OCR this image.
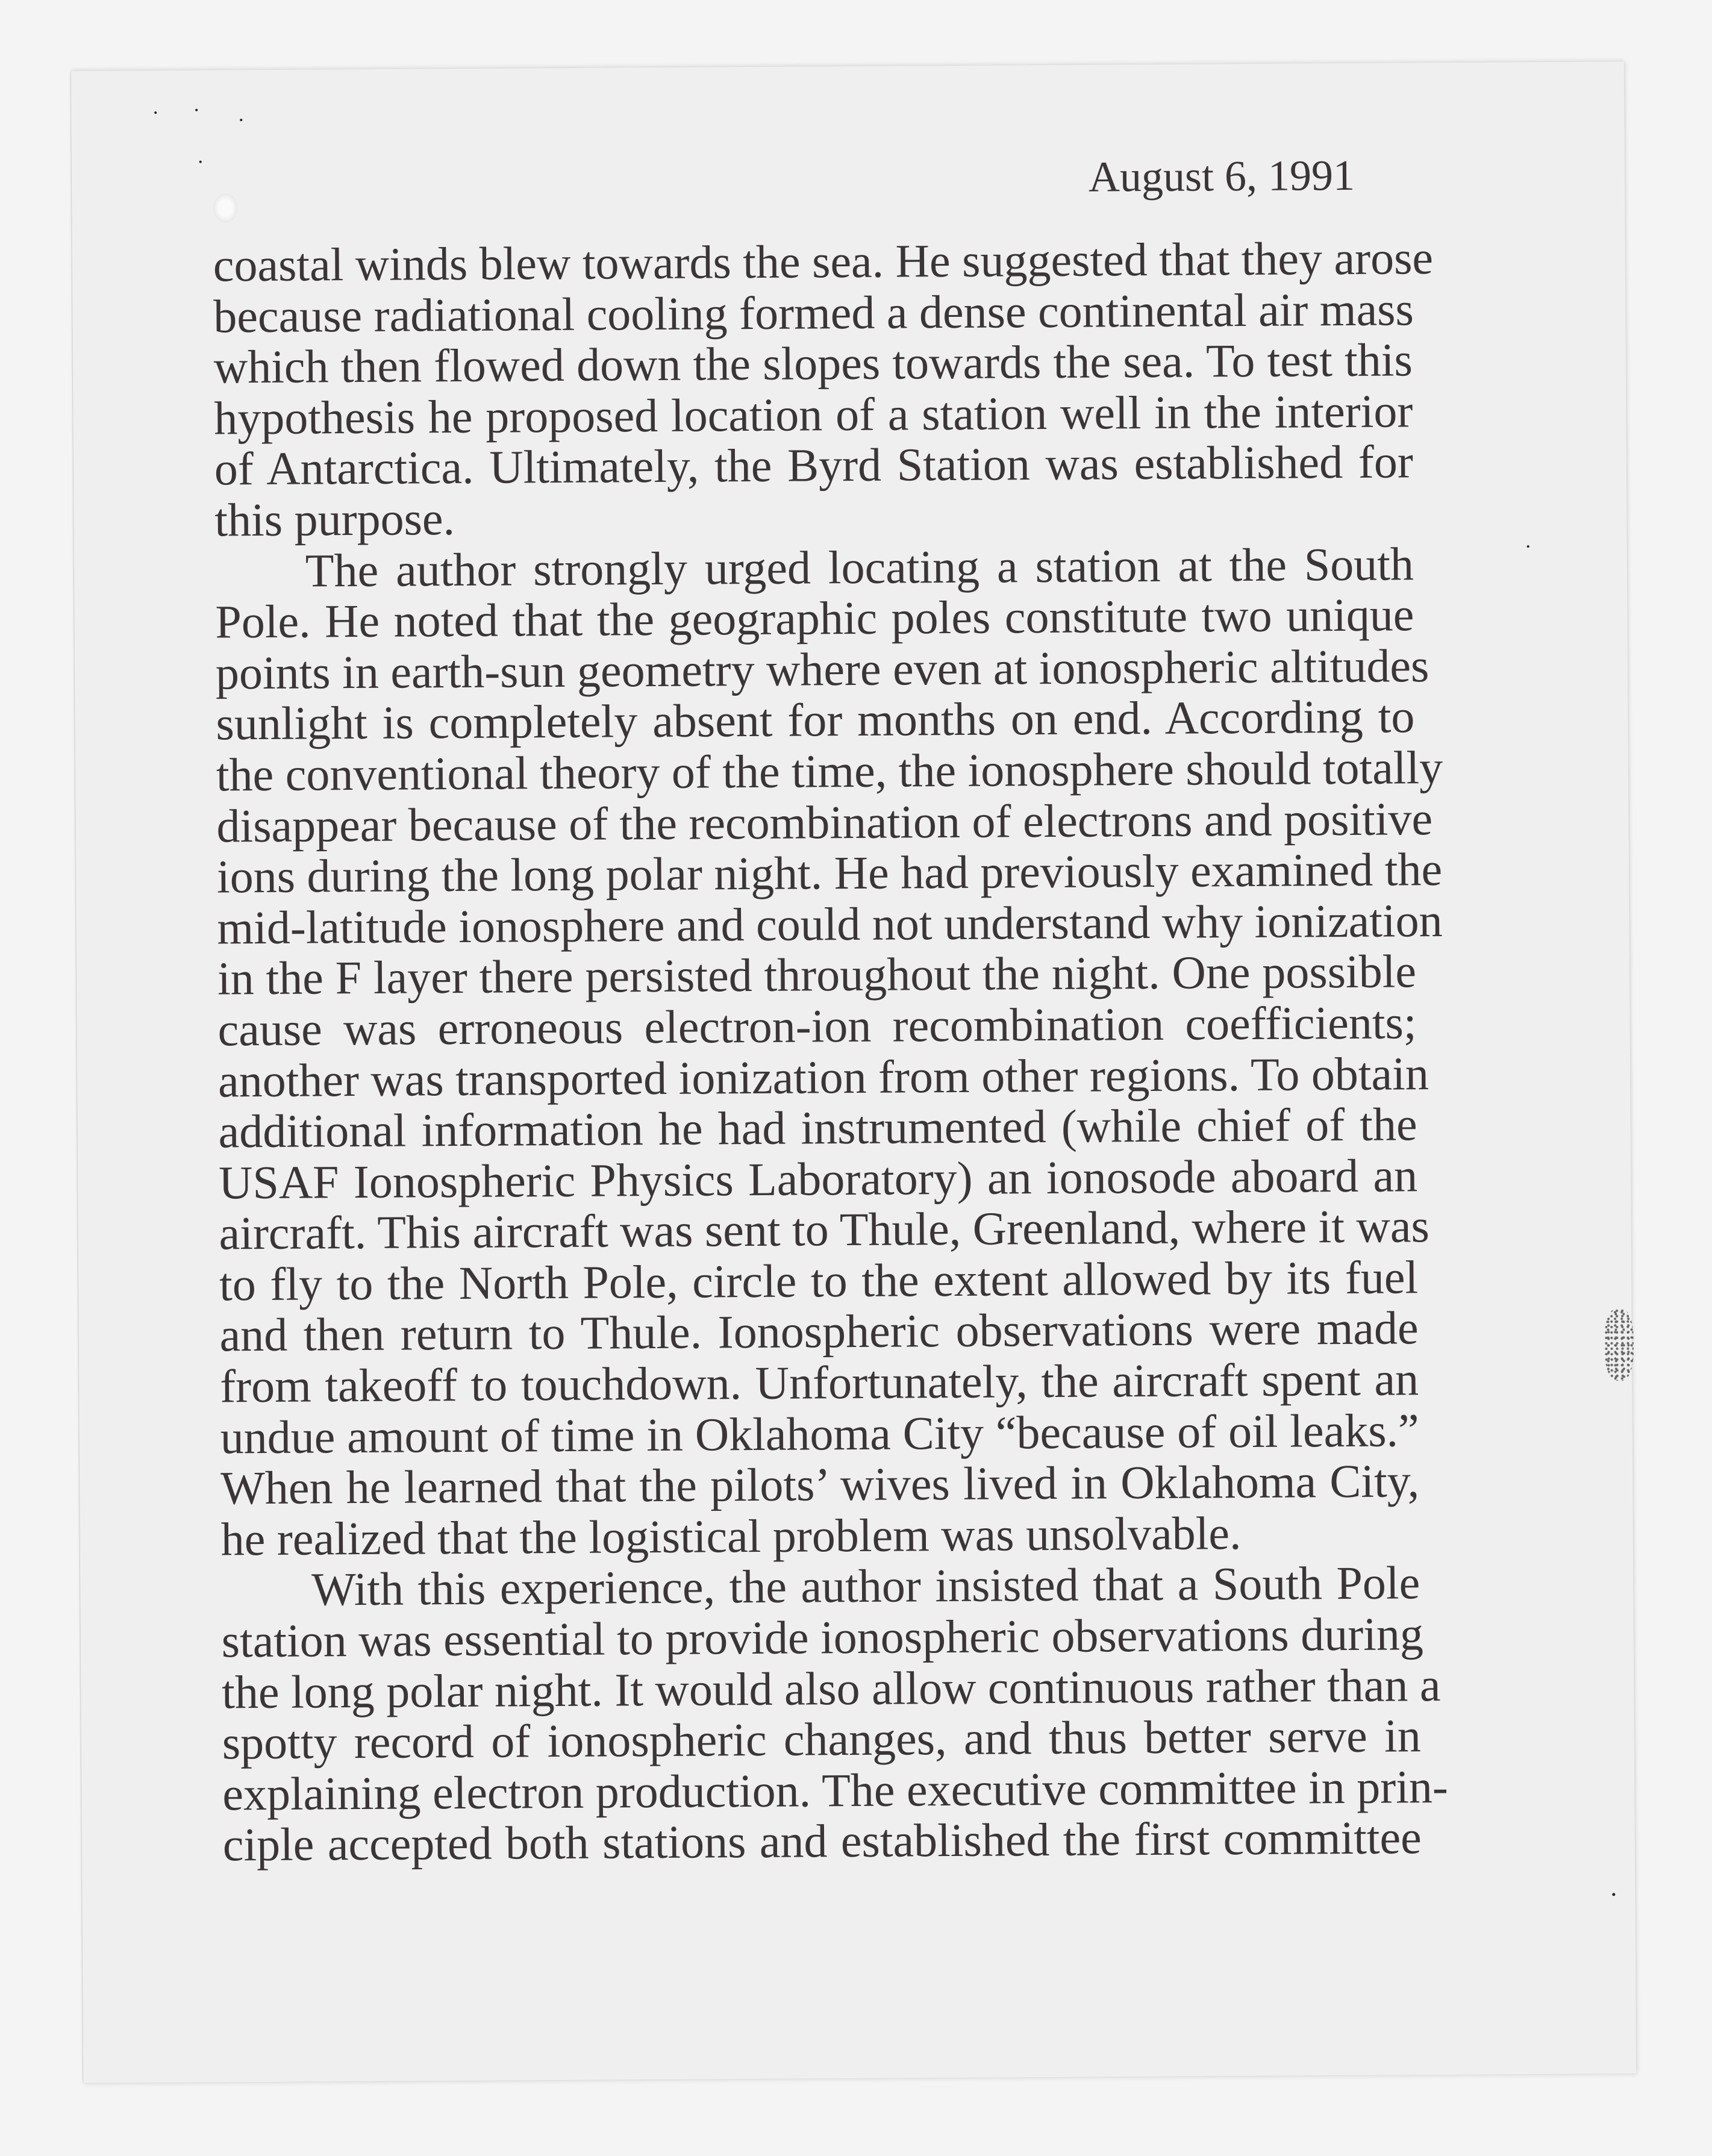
August 6, 1991

coastal winds blew towards the sea. He suggested that they arose
because radiational cooling formed a dense continental air mass
which then flowed down the slopes towards the sea. To test this
hypothesis he proposed location of a station well in the interior
of Antarctica. Ultimately, the Byrd Station was established for
this purpose.

The author strongly urged locating a station at the South
Pole. He noted that the geographic poles constitute two unique
points in earth-sun geometry where even at ionospheric altitudes
sunlight is completely absent for months on end. According to
the conventional theory of the time, the ionosphere should totally
disappear because of the recombination of electrons and positive
ions during the long polar night. He had previously examined the
mid-latitude ionosphere and could not understand why ionization
in the F layer there persisted throughout the night. One possible
cause was erroneous electron-ion recombination coefficients;
another was transported ionization from other regions. To obtain
additional information he had instrumented (while chief of the
USAF Ionospheric Physics Laboratory) an ionosode aboard an
aircraft. This aircraft was sent to Thule, Greenland, where it was
to fly to the North Pole, circle to the extent allowed by its fuel
and then return to Thule. Ionospheric observations were made
from takeoff to touchdown. Unfortunately, the aircraft spent an
undue amount of time in Oklahoma City “because of oil leaks.”
When he learned that the pilots’ wives lived in Oklahoma City,
he realized that the logistical problem was unsolvable.

With this experience, the author insisted that a South Pole
station was essential to provide ionospheric observations during
the long polar night. It would also allow continuous rather than a
spotty record of ionospheric changes, and thus better serve in
explaining electron production. The executive committee in prin-
ciple accepted both stations and established the first committee
